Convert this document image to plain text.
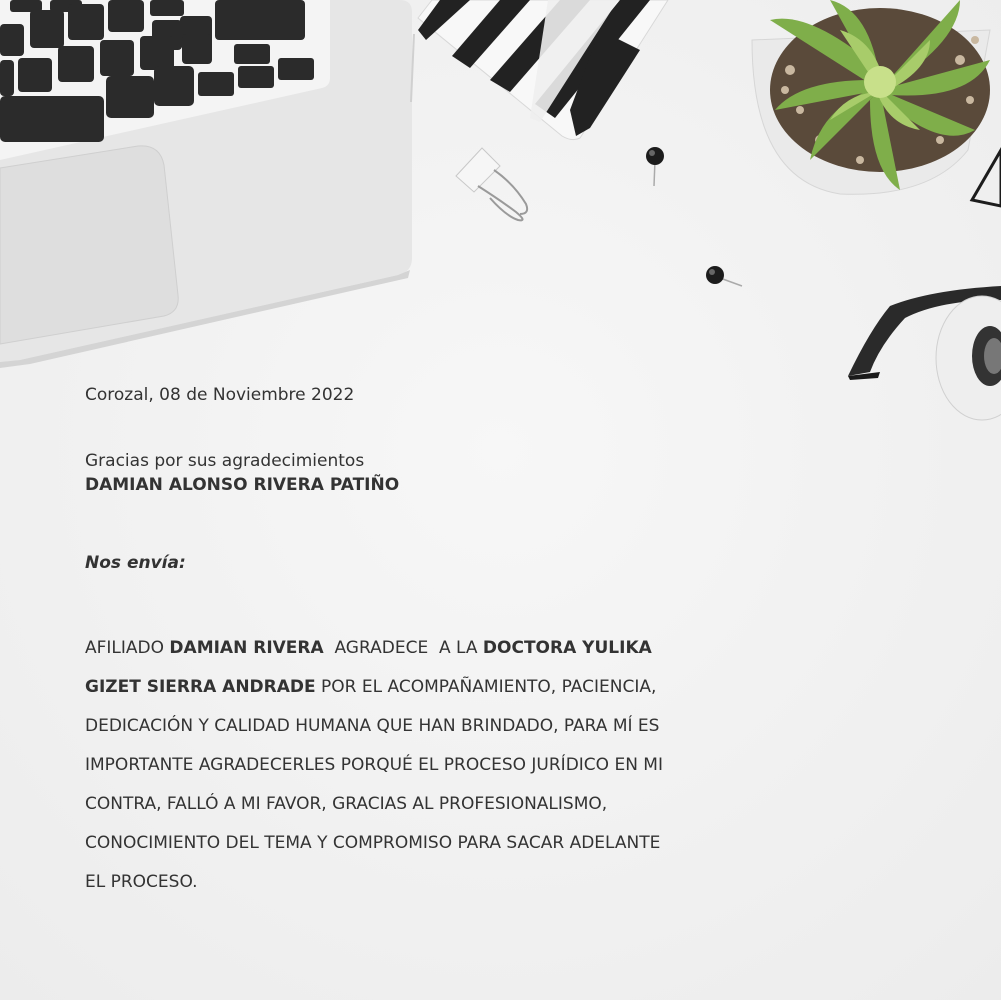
Corozal, 08 de Noviembre 2022
Gracias por sus agradecimientos
DAMIAN ALONSO RIVERA PATIÑO
Nos envía:
AFILIADO DAMIAN RIVERA  AGRADECE  A LA DOCTORA YULIKA GIZET SIERRA ANDRADE POR EL ACOMPAÑAMIENTO, PACIENCIA, DEDICACIÓN Y CALIDAD HUMANA QUE HAN BRINDADO, PARA MÍ ES IMPORTANTE AGRADECERLES PORQUÉ EL PROCESO JURÍDICO EN MI CONTRA, FALLÓ A MI FAVOR, GRACIAS AL PROFESIONALISMO, CONOCIMIENTO DEL TEMA Y COMPROMISO PARA SACAR ADELANTE EL PROCESO.
